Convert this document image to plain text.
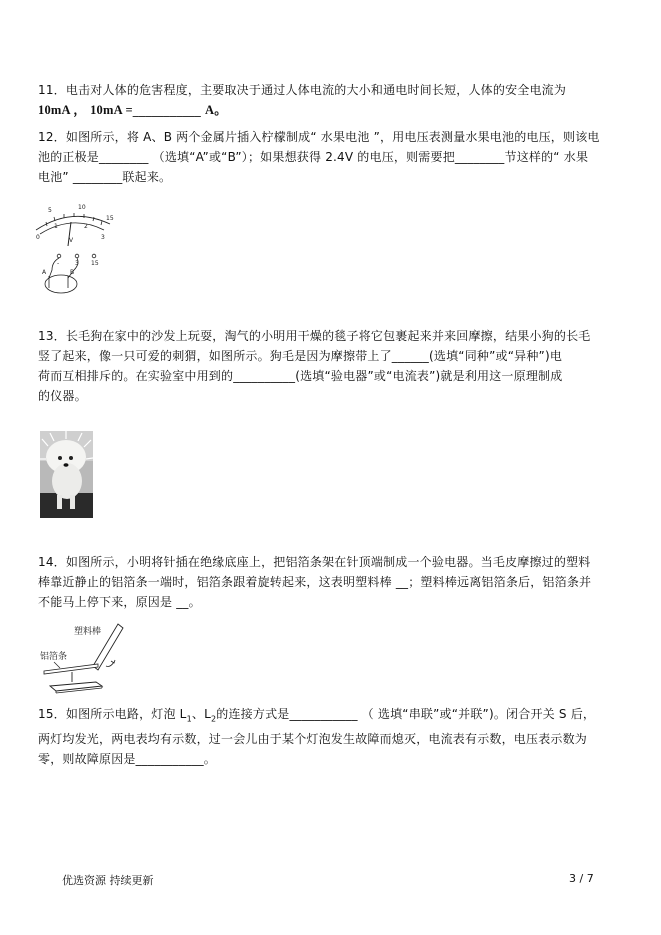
11．电击对人体的危害程度，主要取决于通过人体电流的大小和通电时间长短，人体的安全电流为
10mA ， 10mA =___________ A。
12．如图所示，将 A、B 两个金属片插入柠檬制成“ 水果电池 ”，用电压表测量水果电池的电压，则该电
池的正极是________ （选填“A”或“B”）；如果想获得 2.4V 的电压，则需要把________节这样的“ 水果
电池” ________联起来。
5	10
15
0
1	2
3
V
-	3 15
A	B
13．长毛狗在家中的沙发上玩耍，淘气的小明用干燥的毯子将它包裹起来并来回摩擦，结果小狗的长毛
竖了起来，像一只可爱的刺猬，如图所示。狗毛是因为摩擦带上了______(选填“同种”或“异种”)电
荷而互相排斥的。在实验室中用到的__________(选填“验电器”或“电流表”)就是利用这一原理制成
的仪器。
14．如图所示，小明将针插在绝缘底座上，把铝箔条架在针顶端制成一个验电器。当毛皮摩擦过的塑料
棒靠近静止的铝箔条一端时，铝箔条跟着旋转起来，这表明塑料棒 __；塑料棒远离铝箔条后，铝箔条并
不能马上停下来，原因是 __。
塑料棒
铝箔条
15．如图所示电路，灯泡 $L_1$、$L_2$的连接方式是___________ （ 选填“串联”或“并联”)。闭合开关 S 后，
两灯均发光，两电表均有示数，过一会儿由于某个灯泡发生故障而熄灭，电流表有示数，电压表示数为
零，则故障原因是___________。
优选资源 持续更新	3 / 7
